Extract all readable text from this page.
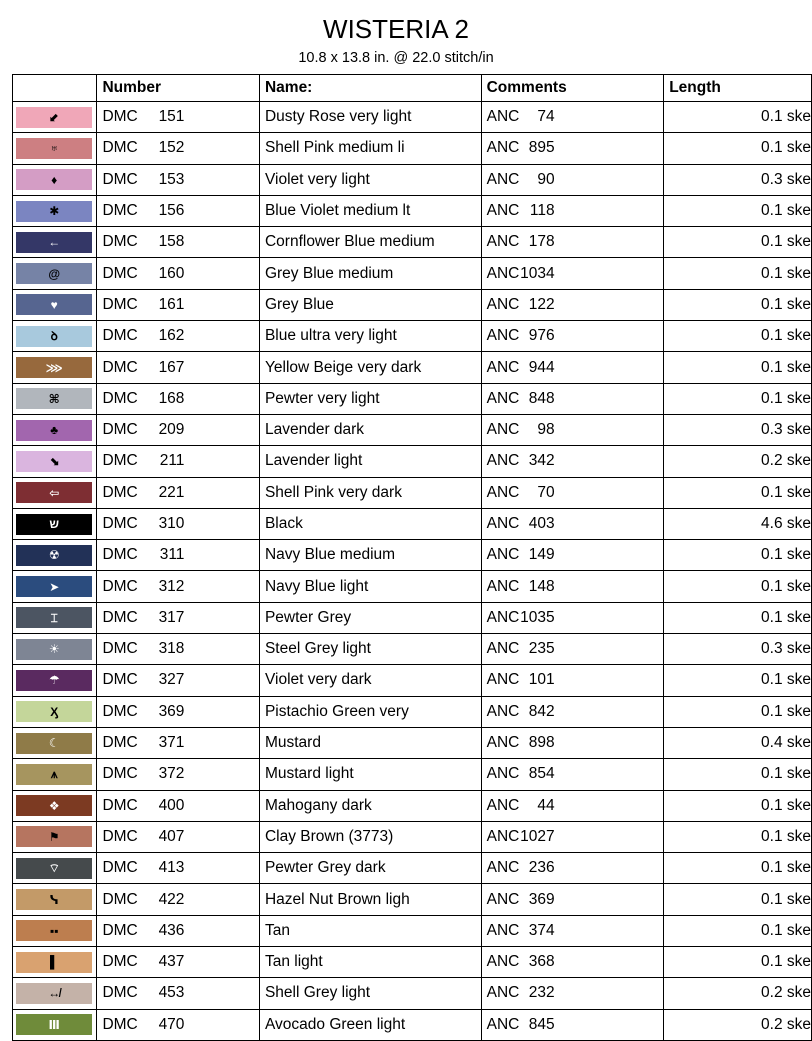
WISTERIA 2
10.8 x 13.8 in. @ 22.0 stitch/in
	Number	Name:	Comments	Length

⬋	DMC 151	Dusty Rose very light	ANC 74	0.1 ske

♅	DMC 152	Shell Pink medium li	ANC 895	0.1 ske

♦	DMC 153	Violet very light	ANC 90	0.3 ske

✱	DMC 156	Blue Violet medium lt	ANC 118	0.1 ske

←	DMC 158	Cornflower Blue medium	ANC 178	0.1 ske

@	DMC 160	Grey Blue medium	ANC 1034	0.1 ske

♥	DMC 161	Grey Blue	ANC 122	0.1 ske

ꝺ	DMC 162	Blue ultra very light	ANC 976	0.1 ske

⋙	DMC 167	Yellow Beige very dark	ANC 944	0.1 ske

⌘	DMC 168	Pewter very light	ANC 848	0.1 ske

♣	DMC 209	Lavender dark	ANC 98	0.3 ske

⬊	DMC 211	Lavender light	ANC 342	0.2 ske

⇦	DMC 221	Shell Pink very dark	ANC 70	0.1 ske

ש	DMC 310	Black	ANC 403	4.6 ske

☢	DMC 311	Navy Blue medium	ANC 149	0.1 ske

➤	DMC 312	Navy Blue light	ANC 148	0.1 ske

⌶	DMC 317	Pewter Grey	ANC 1035	0.1 ske

☀	DMC 318	Steel Grey light	ANC 235	0.3 ske

☂	DMC 327	Violet very dark	ANC 101	0.1 ske

Ӽ	DMC 369	Pistachio Green very	ANC 842	0.1 ske

☾	DMC 371	Mustard	ANC 898	0.4 ske

⩚	DMC 372	Mustard light	ANC 854	0.1 ske

❖	DMC 400	Mahogany dark	ANC 44	0.1 ske

⚑	DMC 407	Clay Brown (3773)	ANC 1027	0.1 ske

⌔	DMC 413	Pewter Grey dark	ANC 236	0.1 ske

ᓭ	DMC 422	Hazel Nut Brown ligh	ANC 369	0.1 ske

▪▪	DMC 436	Tan	ANC 374	0.1 ske

▌	DMC 437	Tan light	ANC 368	0.1 ske

↮	DMC 453	Shell Grey light	ANC 232	0.2 ske

Ⅲ	DMC 470	Avocado Green light	ANC 845	0.2 ske
